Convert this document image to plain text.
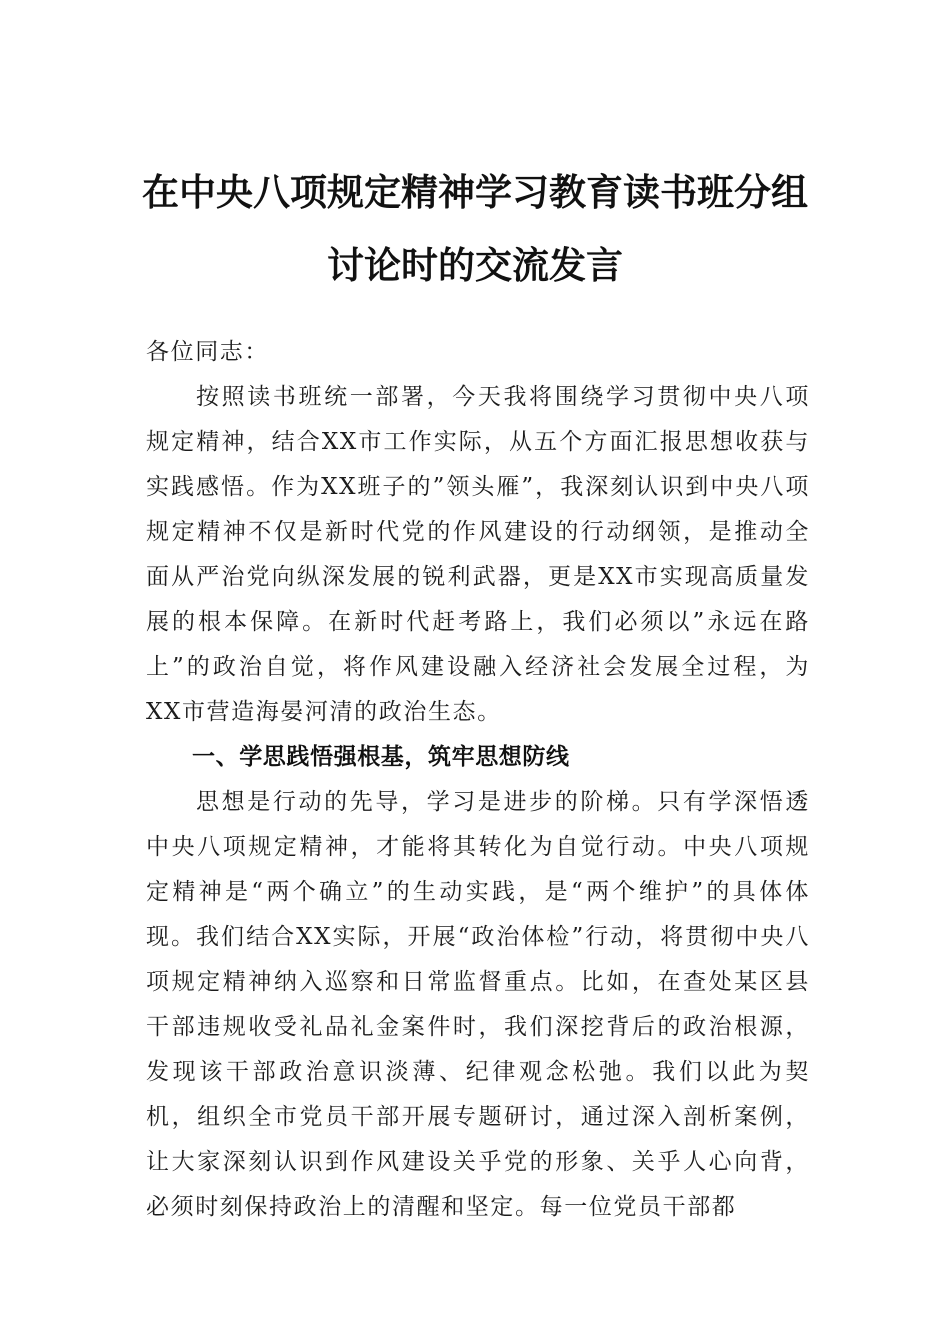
在中央八项规定精神学习教育读书班分组
讨论时的交流发言
各位同志：
按照读书班统一部署，今天我将围绕学习贯彻中央八项规定精神，结合XX市工作实际，从五个方面汇报思想收获与实践感悟。作为XX班子的”领头雁”，我深刻认识到中央八项规定精神不仅是新时代党的作风建设的行动纲领，是推动全面从严治党向纵深发展的锐利武器，更是XX市实现高质量发展的根本保障。在新时代赶考路上，我们必须以”永远在路上”的政治自觉，将作风建设融入经济社会发展全过程，为XX市营造海晏河清的政治生态。
一、学思践悟强根基，筑牢思想防线
思想是行动的先导，学习是进步的阶梯。只有学深悟透中央八项规定精神，才能将其转化为自觉行动。中央八项规定精神是“两个确立”的生动实践，是“两个维护”的具体体现。我们结合XX实际，开展“政治体检”行动，将贯彻中央八项规定精神纳入巡察和日常监督重点。比如，在查处某区县干部违规收受礼品礼金案件时，我们深挖背后的政治根源，发现该干部政治意识淡薄、纪律观念松弛。我们以此为契机，组织全市党员干部开展专题研讨，通过深入剖析案例，让大家深刻认识到作风建设关乎党的形象、关乎人心向背，必须时刻保持政治上的清醒和坚定。每一位党员干部都
